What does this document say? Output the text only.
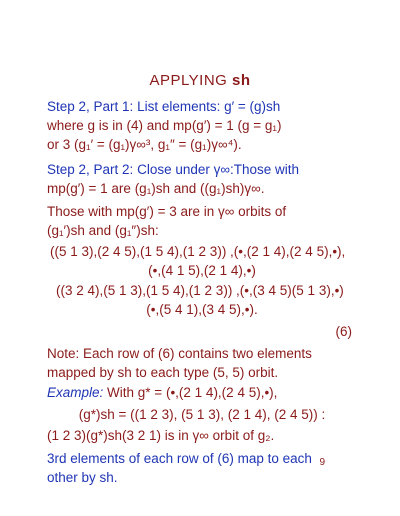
APPLYING sh
Step 2, Part 1: List elements: g′ = (g)sh
where g is in (4) and mp(g′) = 1 (g = g₁)
or 3 (g₁′ = (g₁)γ∞³, g₁″ = (g₁)γ∞⁴).
Step 2, Part 2: Close under γ∞:Those with
mp(g′) = 1 are (g₁)sh and ((g₁)sh)γ∞.
Those with mp(g′) = 3 are in γ∞ orbits of
(g₁′)sh and (g₁″)sh:
((5 1 3),(2 4 5),(1 5 4),(1 2 3)) ,(•,(2 1 4),(2 4 5),•),
(•,(4 1 5),(2 1 4),•)
((3 2 4),(5 1 3),(1 5 4),(1 2 3)) ,(•,(3 4 5)(5 1 3),•)
(•,(5 4 1),(3 4 5),•).
(6)
Note: Each row of (6) contains two elements
mapped by sh to each type (5, 5) orbit.
Example: With g* = (•,(2 1 4),(2 4 5),•),
(g*)sh = ((1 2 3), (5 1 3), (2 1 4), (2 4 5)) :
(1 2 3)(g*)sh(3 2 1) is in γ∞ orbit of g₂.
3rd elements of each row of (6) map to each
other by sh.
9
